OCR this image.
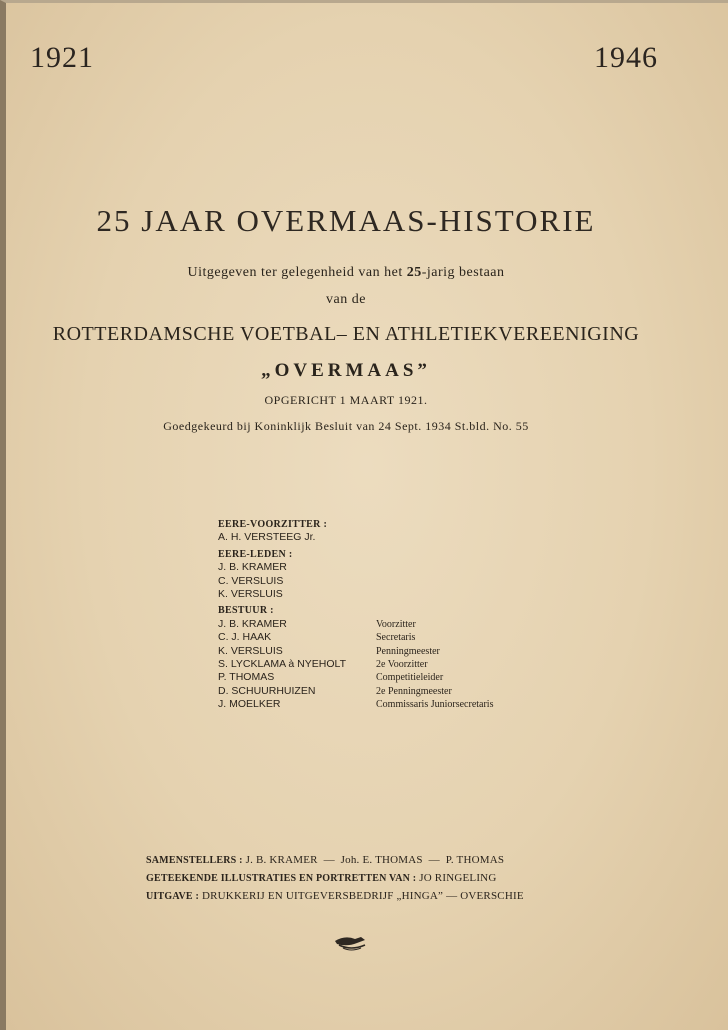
1921	1946
25 JAAR OVERMAAS-HISTORIE
Uitgegeven ter gelegenheid van het 25-jarig bestaan
van de
ROTTERDAMSCHE VOETBAL– EN ATHLETIEKVEREENIGING
„OVERMAAS”
OPGERICHT 1 MAART 1921.
Goedgekeurd bij Koninklijk Besluit van 24 Sept. 1934 St.bld. No. 55
EERE-VOORZITTER :
A. H. VERSTEEG Jr.
EERE-LEDEN :
J. B. KRAMER
C. VERSLUIS
K. VERSLUIS
BESTUUR :
J. B. KRAMER	Voorzitter
C. J. HAAK	Secretaris
K. VERSLUIS	Penningmeester
S. LYCKLAMA à NYEHOLT	2e Voorzitter
P. THOMAS	Competitieleider
D. SCHUURHUIZEN	2e Penningmeester
J. MOELKER	Commissaris Juniorsecretaris
SAMENSTELLERS : J. B. KRAMER  —  Joh. E. THOMAS  —  P. THOMAS
GETEEKENDE ILLUSTRATIES EN PORTRETTEN VAN : JO RINGELING
UITGAVE : DRUKKERIJ EN UITGEVERSBEDRIJF „HINGA” — OVERSCHIE
